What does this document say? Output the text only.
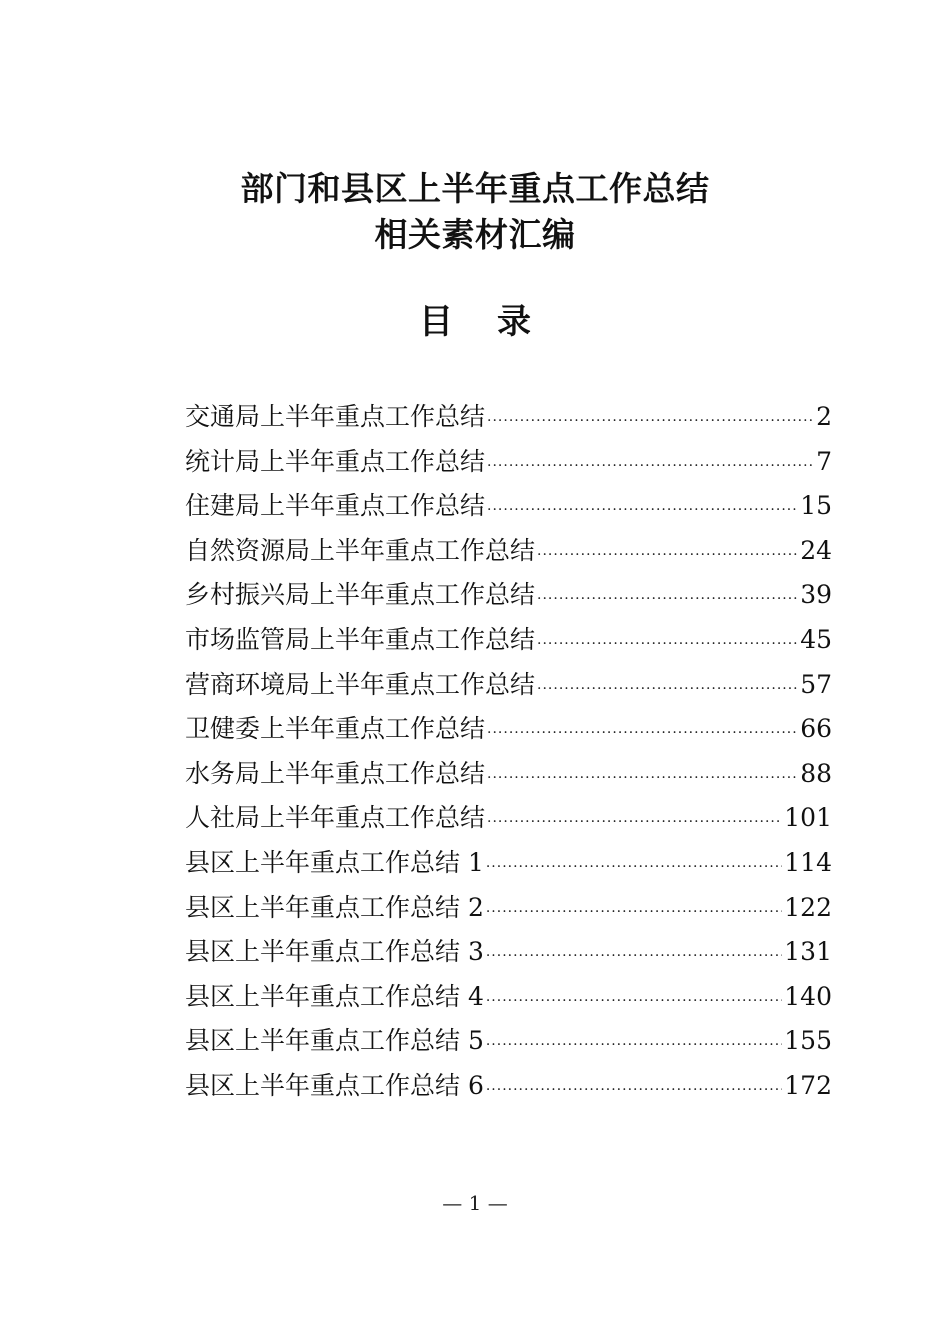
部门和县区上半年重点工作总结
相关素材汇编
目 录
交通局上半年重点工作总结 ·····	2
统计局上半年重点工作总结 ·····	7
住建局上半年重点工作总结 ·····	15
自然资源局上半年重点工作总结 ·····	24
乡村振兴局上半年重点工作总结 ·····	39
市场监管局上半年重点工作总结 ·····	45
营商环境局上半年重点工作总结 ·····	57
卫健委上半年重点工作总结 ·····	66
水务局上半年重点工作总结 ·····	88
人社局上半年重点工作总结 ·····	101
县区上半年重点工作总结 1 ·····	114
县区上半年重点工作总结 2 ·····	122
县区上半年重点工作总结 3 ·····	131
县区上半年重点工作总结 4 ·····	140
县区上半年重点工作总结 5 ·····	155
县区上半年重点工作总结 6 ·····	172
— 1 —
